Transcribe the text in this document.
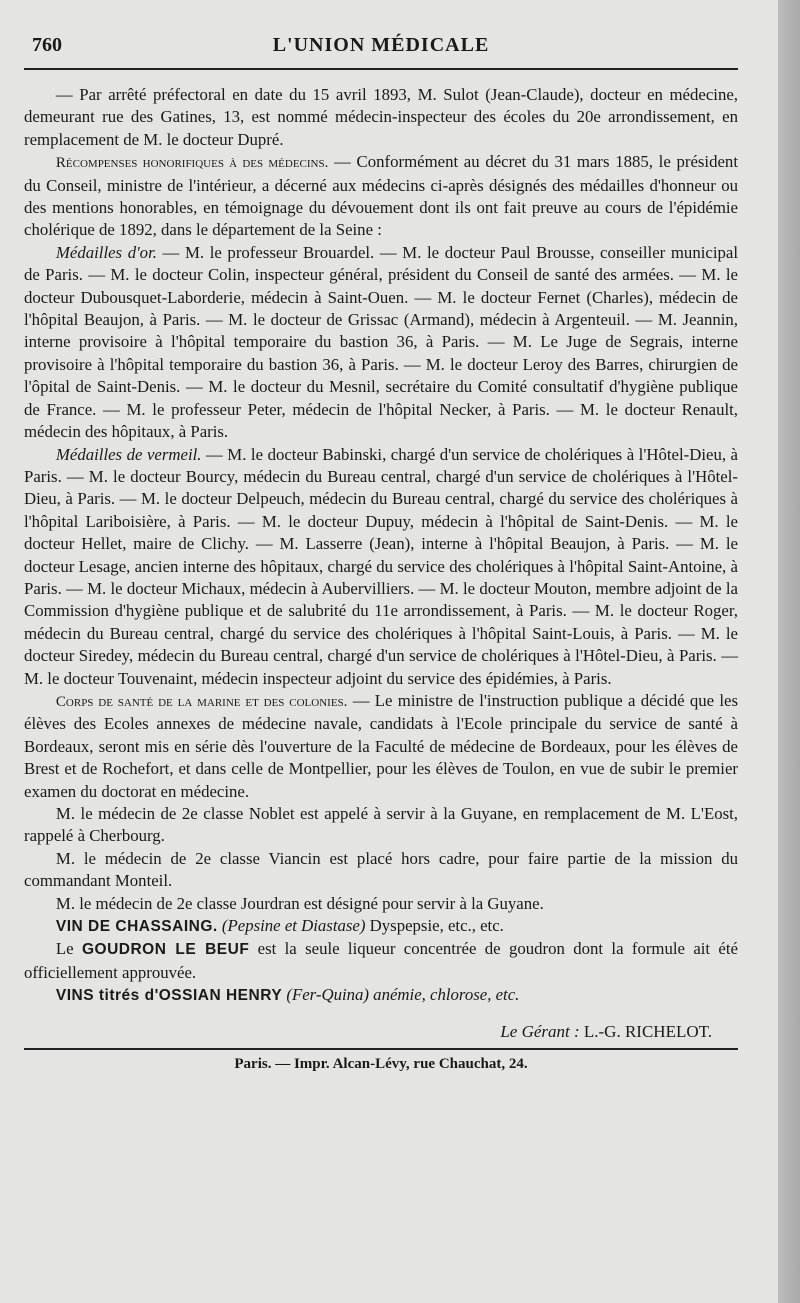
760	L'UNION MÉDICALE

— Par arrêté préfectoral en date du 15 avril 1893, M. Sulot (Jean-Claude), docteur en médecine, demeurant rue des Gatines, 13, est nommé médecin-inspecteur des écoles du 20e arrondissement, en remplacement de M. le docteur Dupré.

Récompenses honorifiques à des médecins. — Conformément au décret du 31 mars 1885, le président du Conseil, ministre de l'intérieur, a décerné aux médecins ci-après désignés des médailles d'honneur ou des mentions honorables, en témoignage du dévouement dont ils ont fait preuve au cours de l'épidémie cholérique de 1892, dans le département de la Seine :

Médailles d'or. — M. le professeur Brouardel. — M. le docteur Paul Brousse, conseiller municipal de Paris. — M. le docteur Colin, inspecteur général, président du Conseil de santé des armées. — M. le docteur Dubousquet-Laborderie, médecin à Saint-Ouen. — M. le docteur Fernet (Charles), médecin de l'hôpital Beaujon, à Paris. — M. le docteur de Grissac (Armand), médecin à Argenteuil. — M. Jeannin, interne provisoire à l'hôpital temporaire du bastion 36, à Paris. — M. Le Juge de Segrais, interne provisoire à l'hôpital temporaire du bastion 36, à Paris. — M. le docteur Leroy des Barres, chirurgien de l'ôpital de Saint-Denis. — M. le docteur du Mesnil, secrétaire du Comité consultatif d'hygiène publique de France. — M. le professeur Peter, médecin de l'hôpital Necker, à Paris. — M. le docteur Renault, médecin des hôpitaux, à Paris.

Médailles de vermeil. — M. le docteur Babinski, chargé d'un service de cholériques à l'Hôtel-Dieu, à Paris. — M. le docteur Bourcy, médecin du Bureau central, chargé d'un service de cholériques à l'Hôtel-Dieu, à Paris. — M. le docteur Delpeuch, médecin du Bureau central, chargé du service des cholériques à l'hôpital Lariboisière, à Paris. — M. le docteur Dupuy, médecin à l'hôpital de Saint-Denis. — M. le docteur Hellet, maire de Clichy. — M. Lasserre (Jean), interne à l'hôpital Beaujon, à Paris. — M. le docteur Lesage, ancien interne des hôpitaux, chargé du service des cholériques à l'hôpital Saint-Antoine, à Paris. — M. le docteur Michaux, médecin à Aubervilliers. — M. le docteur Mouton, membre adjoint de la Commission d'hygiène publique et de salubrité du 11e arrondissement, à Paris. — M. le docteur Roger, médecin du Bureau central, chargé du service des cholériques à l'hôpital Saint-Louis, à Paris. — M. le docteur Siredey, médecin du Bureau central, chargé d'un service de cholériques à l'Hôtel-Dieu, à Paris. — M. le docteur Touvenaint, médecin inspecteur adjoint du service des épidémies, à Paris.

Corps de santé de la marine et des colonies. — Le ministre de l'instruction publique a décidé que les élèves des Ecoles annexes de médecine navale, candidats à l'Ecole principale du service de santé à Bordeaux, seront mis en série dès l'ouverture de la Faculté de médecine de Bordeaux, pour les élèves de Brest et de Rochefort, et dans celle de Montpellier, pour les élèves de Toulon, en vue de subir le premier examen du doctorat en médecine.

M. le médecin de 2e classe Noblet est appelé à servir à la Guyane, en remplacement de M. L'Eost, rappelé à Cherbourg.

M. le médecin de 2e classe Viancin est placé hors cadre, pour faire partie de la mission du commandant Monteil.

M. le médecin de 2e classe Jourdran est désigné pour servir à la Guyane.

VIN DE CHASSAING. (Pepsine et Diastase) Dyspepsie, etc., etc.

Le GOUDRON LE BEUF est la seule liqueur concentrée de goudron dont la formule ait été officiellement approuvée.

VINS titrés d'OSSIAN HENRY (Fer-Quina) anémie, chlorose, etc.

Le Gérant : L.-G. RICHELOT.
Paris. — Impr. Alcan-Lévy, rue Chauchat, 24.
